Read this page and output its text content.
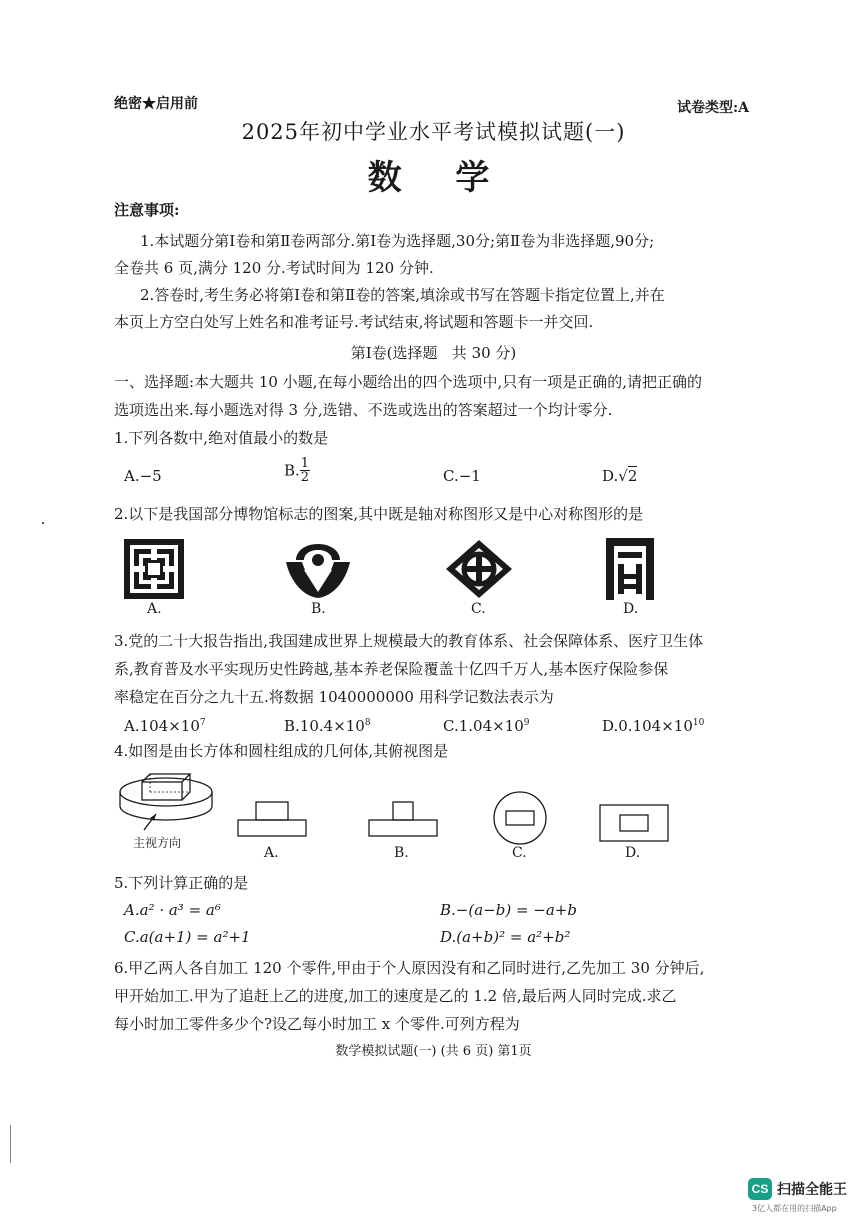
绝密★启用前	试卷类型:A
2025年初中学业水平考试模拟试题(一)
数  学
注意事项:
1.本试题分第Ⅰ卷和第Ⅱ卷两部分.第Ⅰ卷为选择题,30分;第Ⅱ卷为非选择题,90分;
全卷共 6 页,满分 120 分.考试时间为 120 分钟.
2.答卷时,考生务必将第Ⅰ卷和第Ⅱ卷的答案,填涂或书写在答题卡指定位置上,并在
本页上方空白处写上姓名和准考证号.考试结束,将试题和答题卡一并交回.
第Ⅰ卷(选择题   共 30 分)
一、选择题:本大题共 10 小题,在每小题给出的四个选项中,只有一项是正确的,请把正确的
选项选出来.每小题选对得 3 分,选错、不选或选出的答案超过一个均计零分.
1.下列各数中,绝对值最小的数是
A.−5	B. $\frac{1}{2}$	C.−1	D.√2
2.以下是我国部分博物馆标志的图案,其中既是轴对称图形又是中心对称图形的是
A.	B.	C.	D.
3.党的二十大报告指出,我国建成世界上规模最大的教育体系、社会保障体系、医疗卫生体
系,教育普及水平实现历史性跨越,基本养老保险覆盖十亿四千万人,基本医疗保险参保
率稳定在百分之九十五.将数据 1040000000 用科学记数法表示为
$A.104\times 10^7$	$B.10.4\times 10^8$	$C.1.04\times 10^9$	$D.0.104\times 10^{10}$
4.如图是由长方体和圆柱组成的几何体,其俯视图是
主视方向
A.	B.	C.	D.
5.下列计算正确的是
A.a² · a³ = a⁶	B.−(a−b) = −a+b
C.a(a+1) = a²+1	D.(a+b)² = a²+b²
6.甲乙两人各自加工 120 个零件,甲由于个人原因没有和乙同时进行,乙先加工 30 分钟后,
甲开始加工.甲为了追赶上乙的进度,加工的速度是乙的 1.2 倍,最后两人同时完成.求乙
每小时加工零件多少个?设乙每小时加工 x 个零件.可列方程为
数学模拟试题(一) (共 6 页) 第1页
CS 扫描全能王
3亿人都在用的扫描App
